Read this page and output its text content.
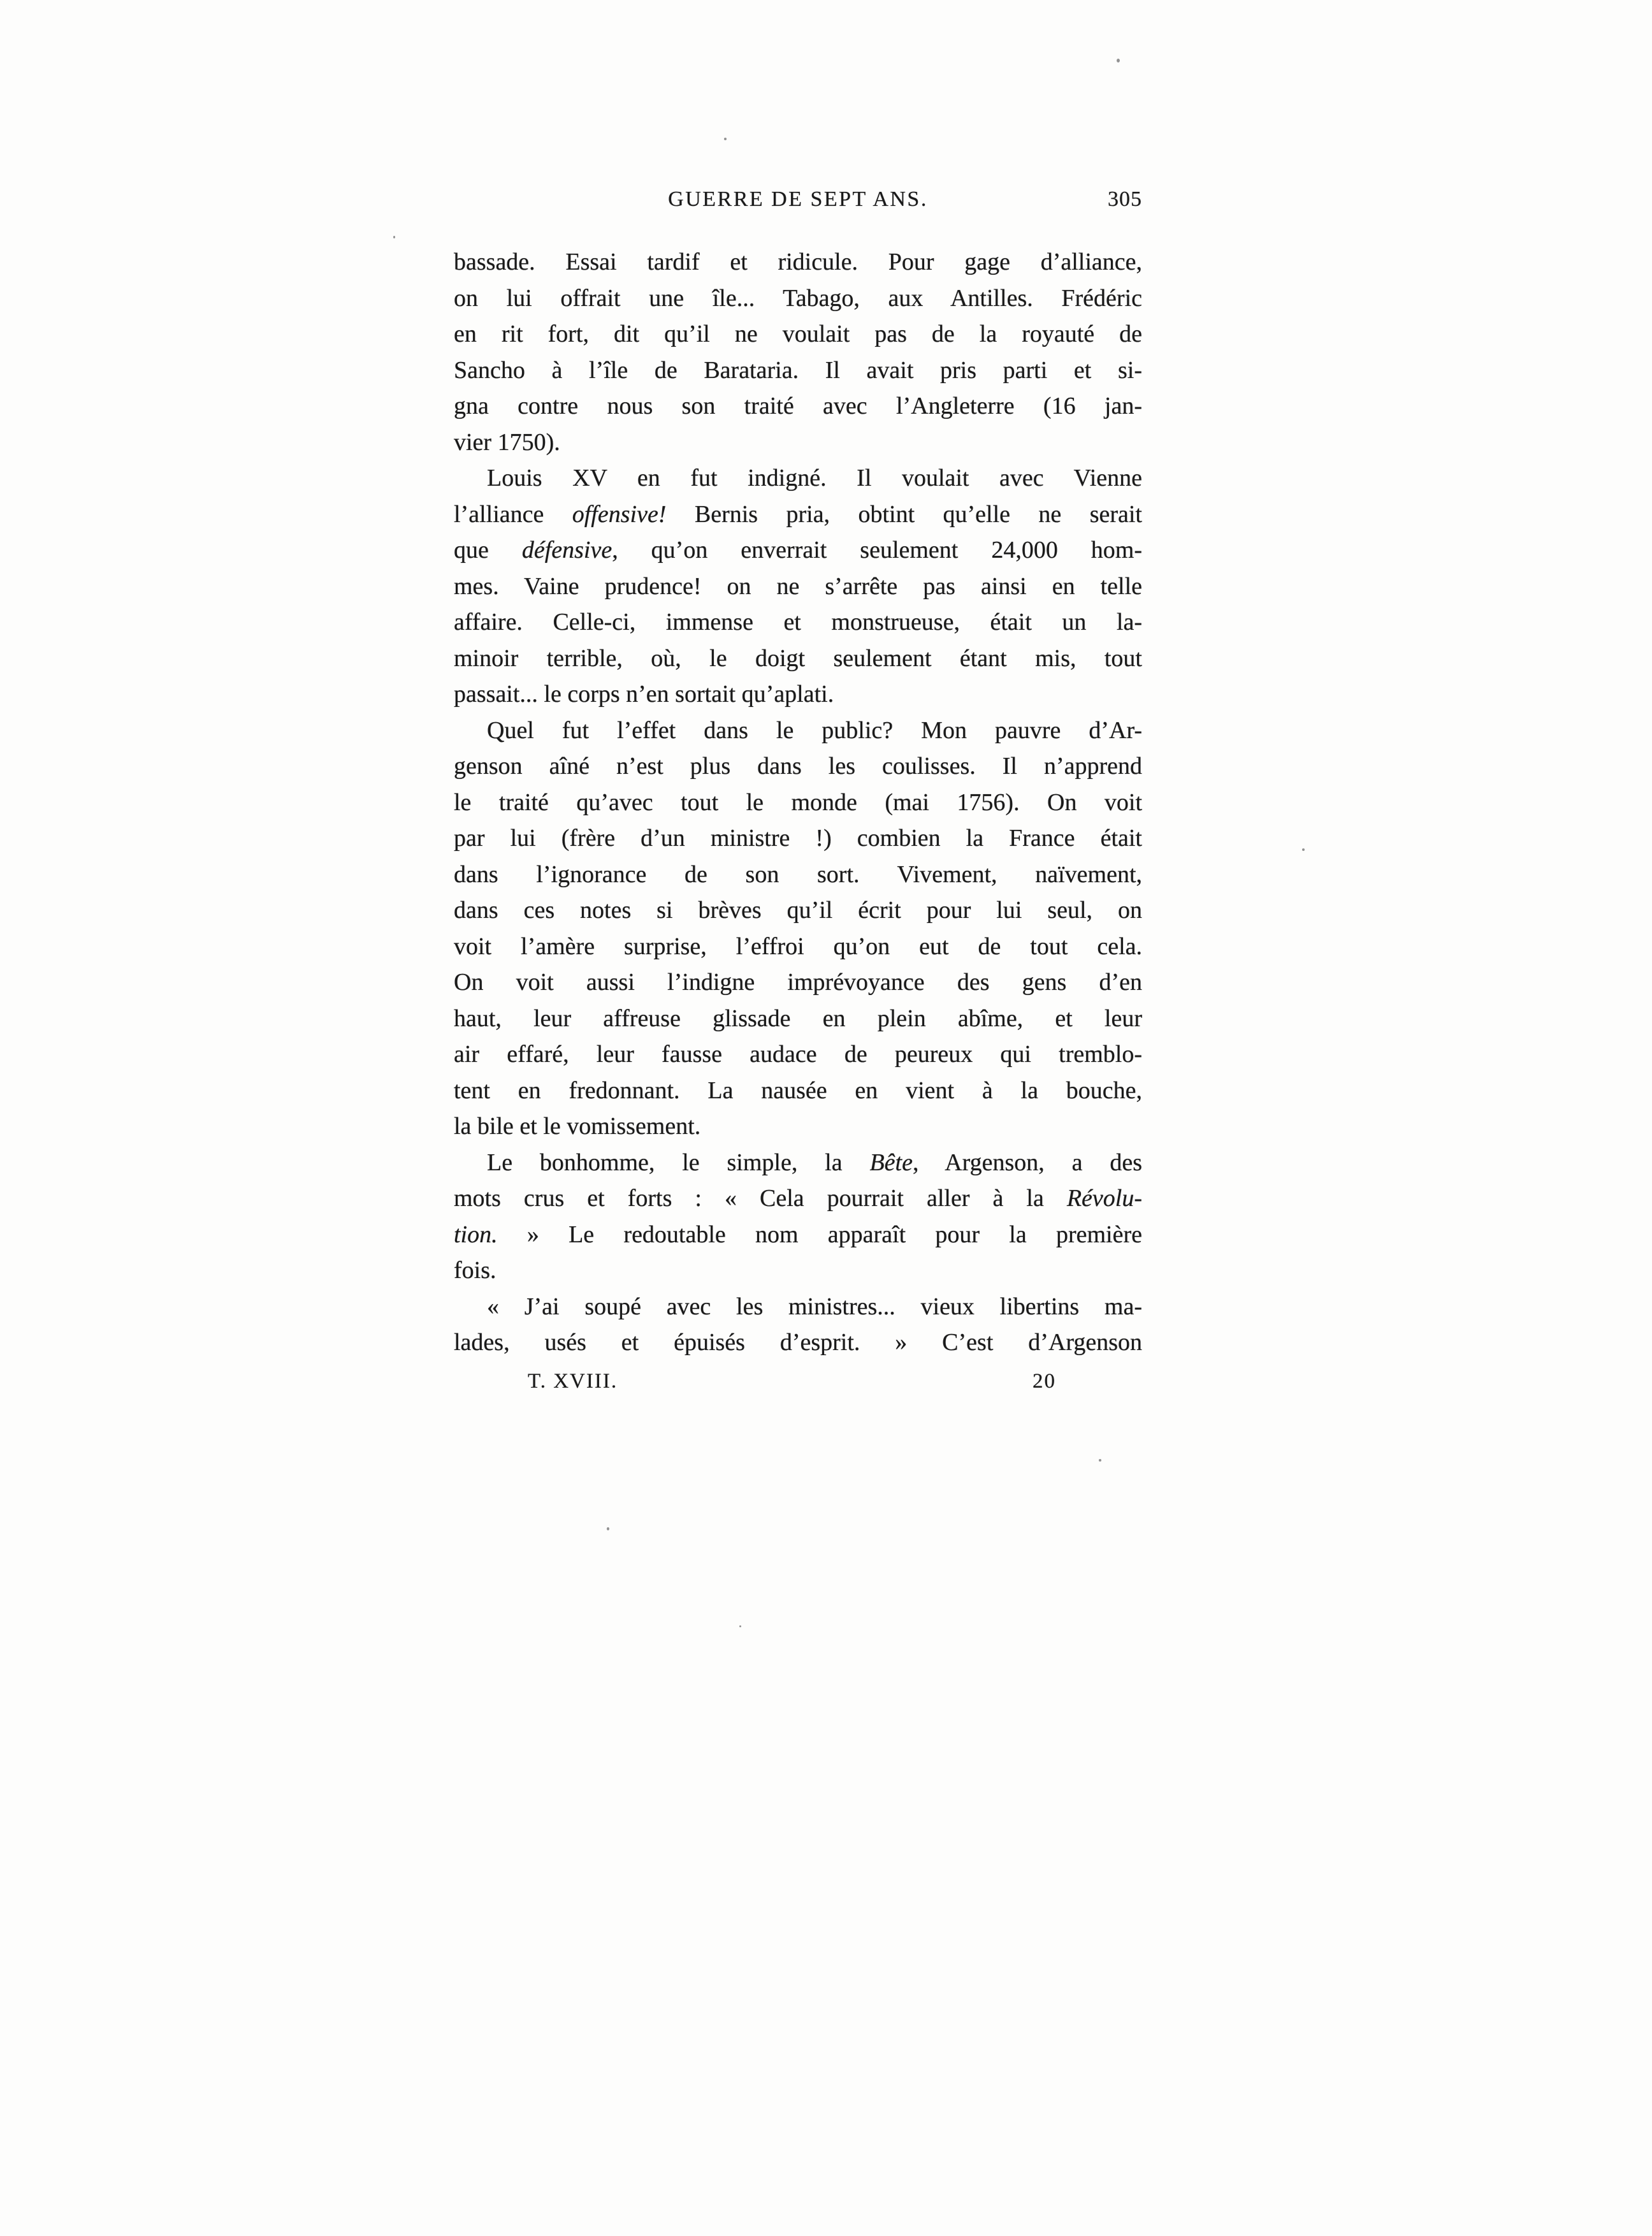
GUERRE DE SEPT ANS.	305
bassade. Essai tardif et ridicule. Pour gage d’alliance,
on lui offrait une île... Tabago, aux Antilles. Frédéric
en rit fort, dit qu’il ne voulait pas de la royauté de
Sancho à l’île de Barataria. Il avait pris parti et si-
gna contre nous son traité avec l’Angleterre (16 jan-
vier 1750).
Louis XV en fut indigné. Il voulait avec Vienne
l’alliance offensive! Bernis pria, obtint qu’elle ne serait
que défensive, qu’on enverrait seulement 24,000 hom-
mes. Vaine prudence! on ne s’arrête pas ainsi en telle
affaire. Celle-ci, immense et monstrueuse, était un la-
minoir terrible, où, le doigt seulement étant mis, tout
passait... le corps n’en sortait qu’aplati.
Quel fut l’effet dans le public? Mon pauvre d’Ar-
genson aîné n’est plus dans les coulisses. Il n’apprend
le traité qu’avec tout le monde (mai 1756). On voit
par lui (frère d’un ministre !) combien la France était
dans l’ignorance de son sort. Vivement, naïvement,
dans ces notes si brèves qu’il écrit pour lui seul, on
voit l’amère surprise, l’effroi qu’on eut de tout cela.
On voit aussi l’indigne imprévoyance des gens d’en
haut, leur affreuse glissade en plein abîme, et leur
air effaré, leur fausse audace de peureux qui tremblo-
tent en fredonnant. La nausée en vient à la bouche,
la bile et le vomissement.
Le bonhomme, le simple, la Bête, Argenson, a des
mots crus et forts : « Cela pourrait aller à la Révolu-
tion. » Le redoutable nom apparaît pour la première
fois.
« J’ai soupé avec les ministres... vieux libertins ma-
lades, usés et épuisés d’esprit. » C’est d’Argenson
T. XVIII.	20
